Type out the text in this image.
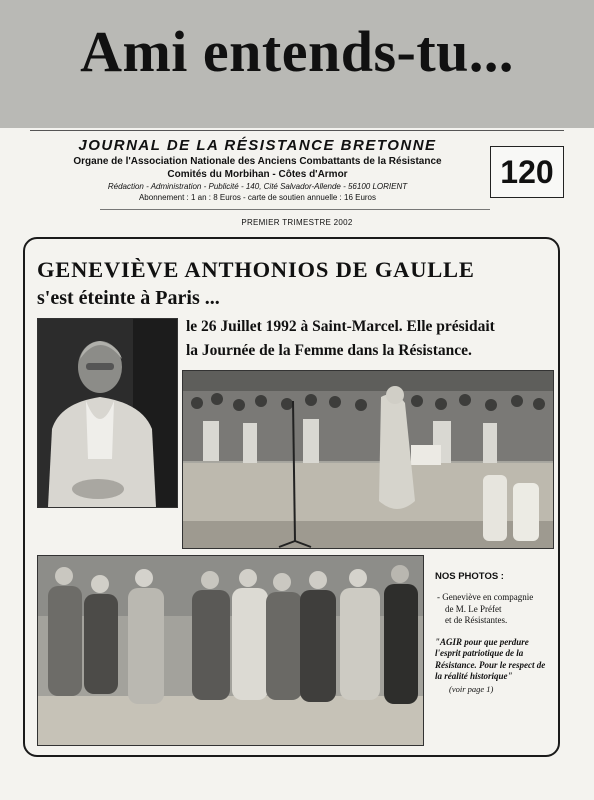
Ami entends-tu...
JOURNAL DE LA RÉSISTANCE BRETONNE
Organe de l'Association Nationale des Anciens Combattants de la Résistance
Comités du Morbihan - Côtes d'Armor
Rédaction - Administration - Publicité - 140, Cité Salvador-Allende - 56100 LORIENT
Abonnement : 1 an : 8 Euros - carte de soutien annuelle : 16 Euros
120
PREMIER TRIMESTRE 2002
GENEVIÈVE ANTHONIOS DE GAULLE
s'est éteinte à Paris ...
le 26 Juillet 1992 à Saint-Marcel. Elle présidait
la Journée de la Femme dans la Résistance.
NOS PHOTOS :
- Geneviève en compagnie
de M. Le Préfet
et de Résistantes.
"AGIR pour que perdure l'esprit patriotique de la Résistance. Pour le respect de la réalité historique"
(voir page 1)
